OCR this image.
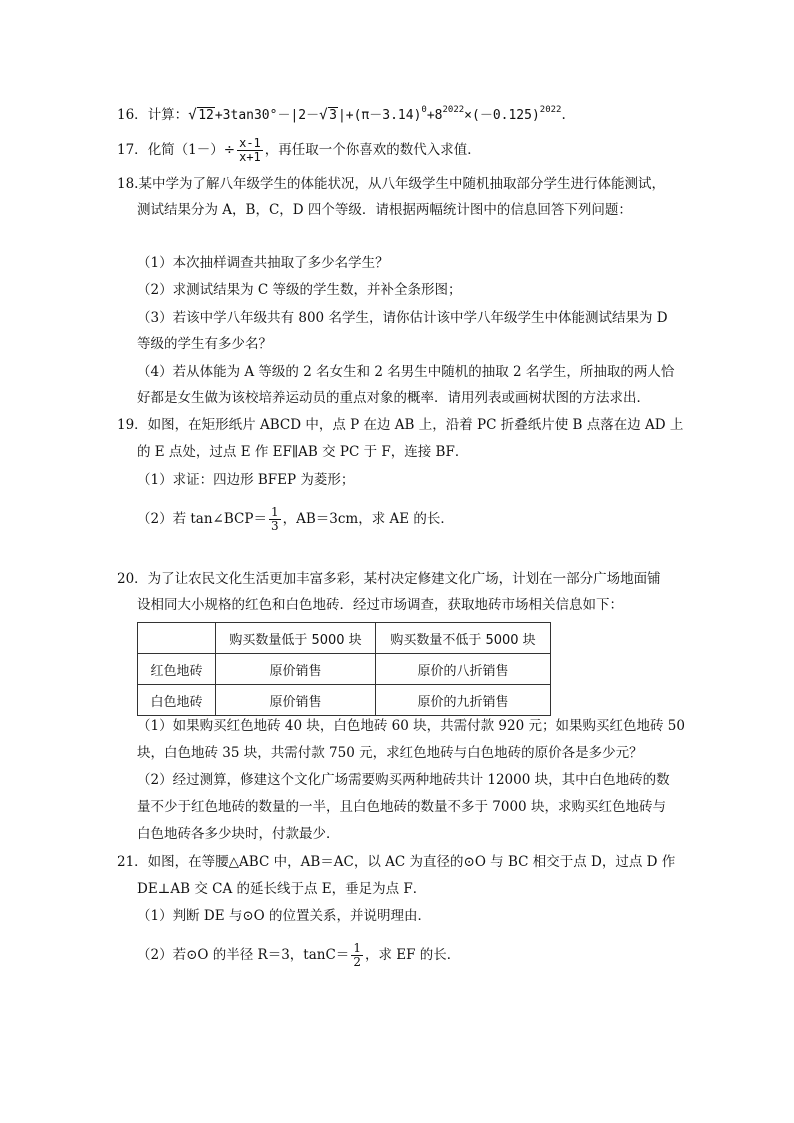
16．计算： √ 12+3tan30°－|2－ √ $3|+(\pi-3.14)^0+8^{2022}\times(-0.125)^{2022}$.
17．化简$(1-)\div \frac{x-1}{x+1}$ ，再任取一个你喜欢的数代入求值．
18.某中学为了解八年级学生的体能状况，从八年级学生中随机抽取部分学生进行体能测试，
测试结果分为 A，B，C，D 四个等级．请根据两幅统计图中的信息回答下列问题：
（1）本次抽样调查共抽取了多少名学生？
（2）求测试结果为 C 等级的学生数，并补全条形图；
（3）若该中学八年级共有 800 名学生，请你估计该中学八年级学生中体能测试结果为 D
等级的学生有多少名？
（4）若从体能为 A 等级的 2 名女生和 2 名男生中随机的抽取 2 名学生，所抽取的两人恰
好都是女生做为该校培养运动员的重点对象的概率．请用列表或画树状图的方法求出．
19．如图，在矩形纸片 ABCD 中，点 P 在边 AB 上，沿着 PC 折叠纸片使 B 点落在边 AD 上
的 E 点处，过点 E 作 EF∥AB 交 PC 于 F，连接 BF．
（1）求证：四边形 BFEP 为菱形；
（2）若 tan∠BCP＝ $\frac{1}{3}$ ，AB＝3cm，求 AE 的长．
20．为了让农民文化生活更加丰富多彩，某村决定修建文化广场，计划在一部分广场地面铺
设相同大小规格的红色和白色地砖．经过市场调查，获取地砖市场相关信息如下：
	购买数量低于 5000 块	购买数量不低于 5000 块
红色地砖	原价销售	原价的八折销售
白色地砖	原价销售	原价的九折销售
（1）如果购买红色地砖 40 块，白色地砖 60 块，共需付款 920 元；如果购买红色地砖 50
块，白色地砖 35 块，共需付款 750 元，求红色地砖与白色地砖的原价各是多少元？
（2）经过测算，修建这个文化广场需要购买两种地砖共计 12000 块，其中白色地砖的数
量不少于红色地砖的数量的一半，且白色地砖的数量不多于 7000 块，求购买红色地砖与
白色地砖各多少块时，付款最少．
21．如图，在等腰△ABC 中，AB＝AC，以 AC 为直径的⊙O 与 BC 相交于点 D，过点 D 作
DE⊥AB 交 CA 的延长线于点 E，垂足为点 F．
（1）判断 DE 与⊙O 的位置关系，并说明理由．
（2）若⊙O 的半径 R＝3，$\tan C= \frac{1}{2}$ ，求 EF 的长．
